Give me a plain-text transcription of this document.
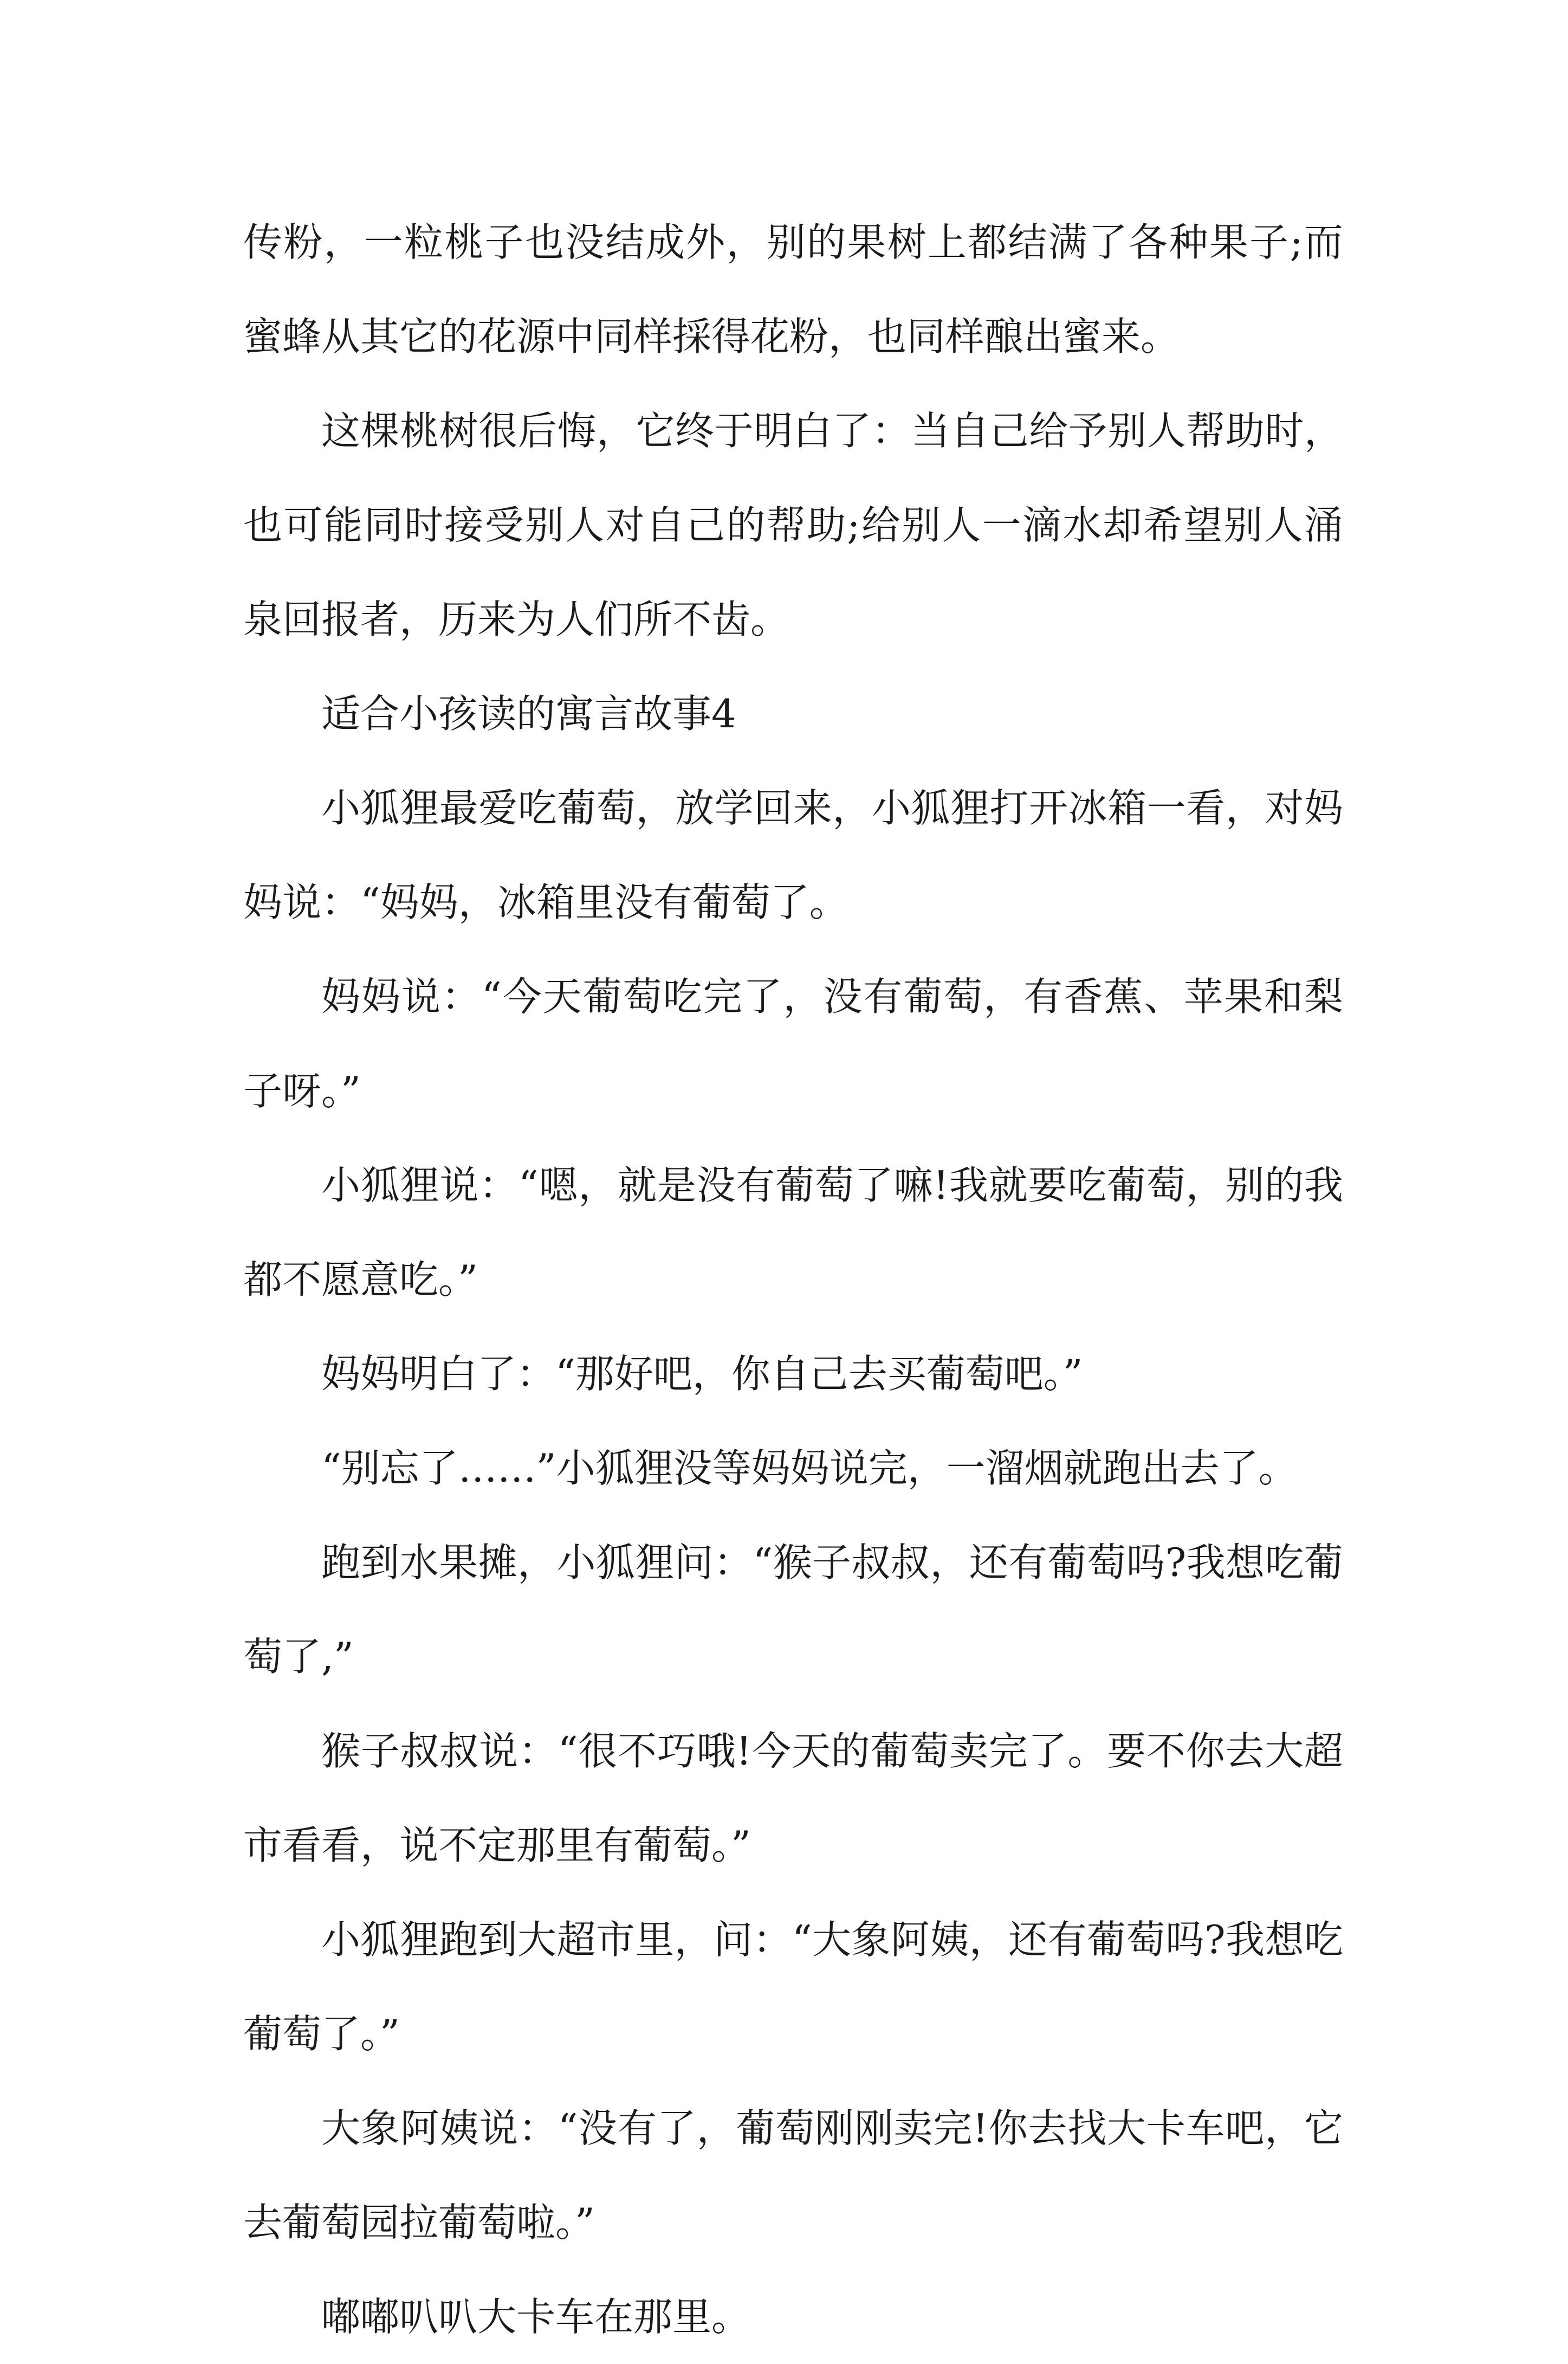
传粉，一粒桃子也没结成外，别的果树上都结满了各种果子;而蜜蜂从其它的花源中同样採得花粉，也同样酿出蜜来。

这棵桃树很后悔，它终于明白了：当自己给予别人帮助时，也可能同时接受别人对自己的帮助;给别人一滴水却希望别人涌泉回报者，历来为人们所不齿。

适合小孩读的寓言故事4

小狐狸最爱吃葡萄，放学回来，小狐狸打开冰箱一看，对妈妈说：“妈妈，冰箱里没有葡萄了。

妈妈说：“今天葡萄吃完了，没有葡萄，有香蕉、苹果和梨子呀。”

小狐狸说：“嗯，就是没有葡萄了嘛!我就要吃葡萄，别的我都不愿意吃。”

妈妈明白了：“那好吧，你自己去买葡萄吧。”

“别忘了……”小狐狸没等妈妈说完，一溜烟就跑出去了。

跑到水果摊，小狐狸问：“猴子叔叔，还有葡萄吗?我想吃葡萄了,”

猴子叔叔说：“很不巧哦!今天的葡萄卖完了。要不你去大超市看看，说不定那里有葡萄。”

小狐狸跑到大超市里，问：“大象阿姨，还有葡萄吗?我想吃葡萄了。”

大象阿姨说：“没有了，葡萄刚刚卖完!你去找大卡车吧，它去葡萄园拉葡萄啦。”

嘟嘟叭叭大卡车在那里。
